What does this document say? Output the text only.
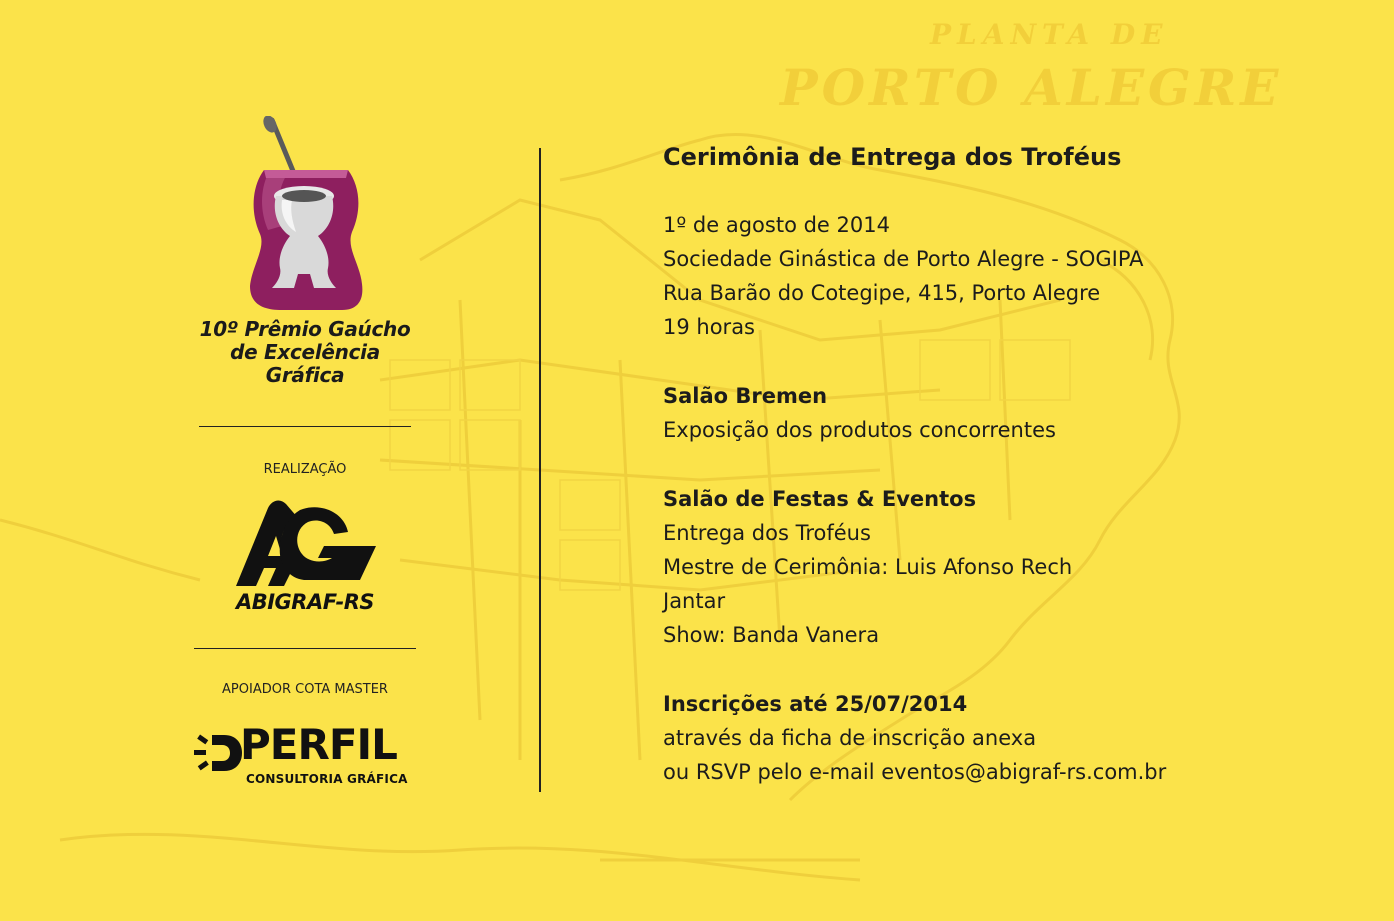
PLANTA DE
PORTO ALEGRE
10º Prêmio Gaúcho
de Excelência
Gráfica
REALIZAÇÃO
ABIGRAF-RS
APOIADOR COTA MASTER
PERFIL
CONSULTORIA GRÁFICA
Cerimônia de Entrega dos Troféus
1º de agosto de 2014
Sociedade Ginástica de Porto Alegre - SOGIPA
Rua Barão do Cotegipe, 415, Porto Alegre
19 horas
Salão Bremen
Exposição dos produtos concorrentes
Salão de Festas & Eventos
Entrega dos Troféus
Mestre de Cerimônia: Luis Afonso Rech
Jantar
Show: Banda Vanera
Inscrições até 25/07/2014
através da ficha de inscrição anexa
ou RSVP pelo e-mail eventos@abigraf-rs.com.br
